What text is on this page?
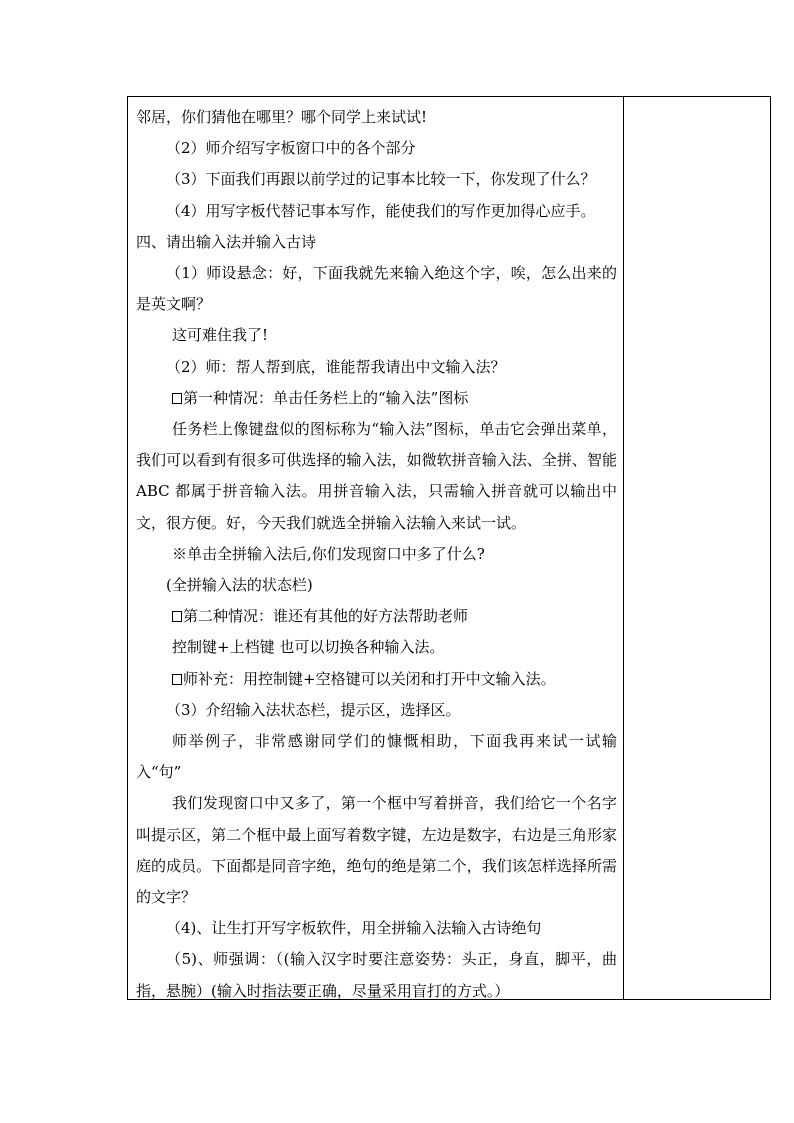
邻居，你们猜他在哪里？哪个同学上来试试!

（2）师介绍写字板窗口中的各个部分

（3）下面我们再跟以前学过的记事本比较一下，你发现了什么？

（4）用写字板代替记事本写作，能使我们的写作更加得心应手。

四、请出输入法并输入古诗

（1）师设悬念：好，下面我就先来输入绝这个字，唉，怎么出来的是英文啊？

这可难住我了!

（2）师：帮人帮到底，谁能帮我请出中文输入法？

第一种情况：单击任务栏上的“输入法”图标

任务栏上像键盘似的图标称为“输入法”图标，单击它会弹出菜单，我们可以看到有很多可供选择的输入法，如微软拼音输入法、全拼、智能 ABC 都属于拼音输入法。用拼音输入法，只需输入拼音就可以输出中文，很方便。好，今天我们就选全拼输入法输入来试一试。

※单击全拼输入法后,你们发现窗口中多了什么?

(全拼输入法的状态栏)

第二种情况：谁还有其他的好方法帮助老师

控制键+上档键 也可以切换各种输入法。

师补充：用控制键+空格键可以关闭和打开中文输入法。

（3）介绍输入法状态栏，提示区，选择区。

师举例子，非常感谢同学们的慷慨相助，下面我再来试一试输入“句”

我们发现窗口中又多了，第一个框中写着拼音，我们给它一个名字叫提示区，第二个框中最上面写着数字键，左边是数字，右边是三角形家庭的成员。下面都是同音字绝，绝句的绝是第二个，我们该怎样选择所需的文字？

（4)、让生打开写字板软件，用全拼输入法输入古诗绝句

（5)、师强调：（(输入汉字时要注意姿势：头正，身直，脚平，曲指，悬腕）(输入时指法要正确，尽量采用盲打的方式。）
